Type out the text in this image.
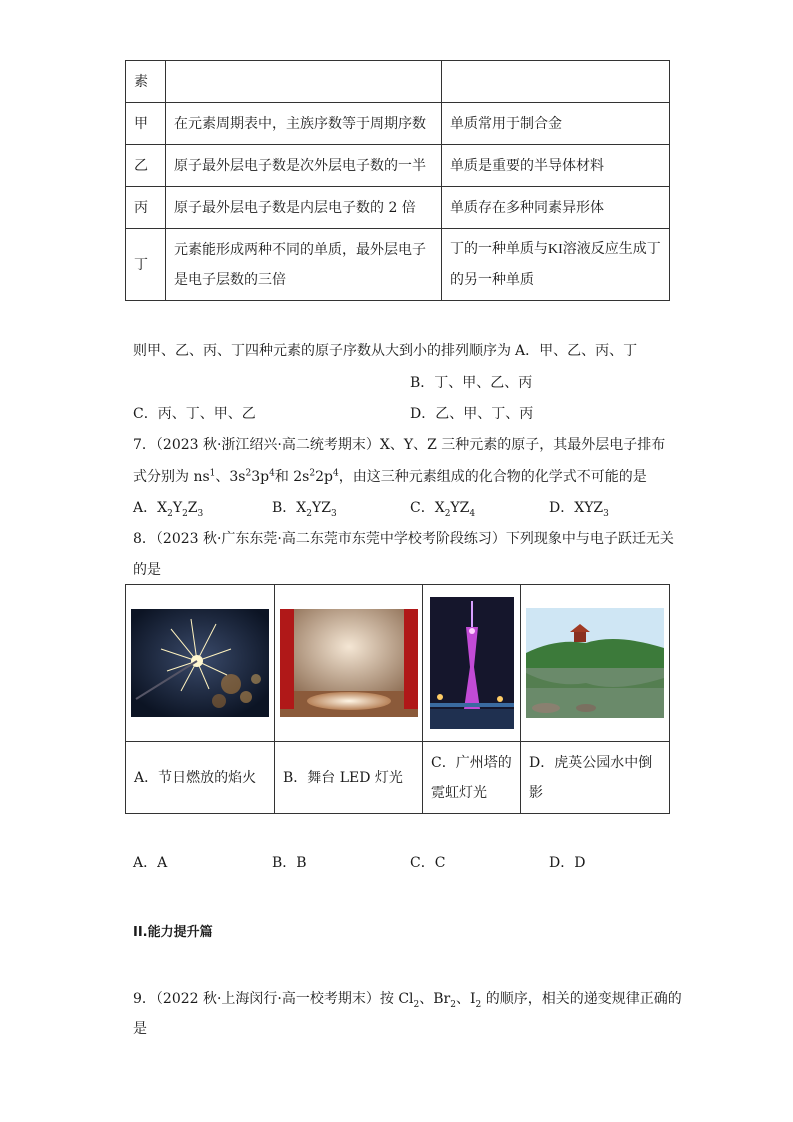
素		
甲	在元素周期表中，主族序数等于周期序数	单质常用于制合金
乙	原子最外层电子数是次外层电子数的一半	单质是重要的半导体材料
丙	原子最外层电子数是内层电子数的 2 倍	单质存在多种同素异形体
丁	元素能形成两种不同的单质，最外层电子是电子层数的三倍	丁的一种单质与KI溶液反应生成丁的另一种单质
则甲、乙、丙、丁四种元素的原子序数从大到小的排列顺序为 A．甲、乙、丙、丁
B．丁、甲、乙、丙
C．丙、丁、甲、乙	D．乙、甲、丁、丙
7．（2023 秋·浙江绍兴·高二统考期末）X、Y、Z 三种元素的原子，其最外层电子排布
式分别为 $ns^1$、$3s^23p^4$和 $2s^22p^4$，由这三种元素组成的化合物的化学式不可能的是
A．$X_2Y_2Z_3$	B．$X_2YZ_3$	C．$X_2YZ_4$	D．$XYZ_3$
8．（2023 秋·广东东莞·高二东莞市东莞中学校考阶段练习）下列现象中与电子跃迁无关
的是

A．节日燃放的焰火	B．舞台 LED 灯光	C．广州塔的霓虹灯光	D．虎英公园水中倒影
A．A	B．B	C．C	D．D
II.能力提升篇
9．（2022 秋·上海闵行·高一校考期末）按 $Cl_2$、$Br_2$、$I_2$ 的顺序，相关的递变规律正确的
是
